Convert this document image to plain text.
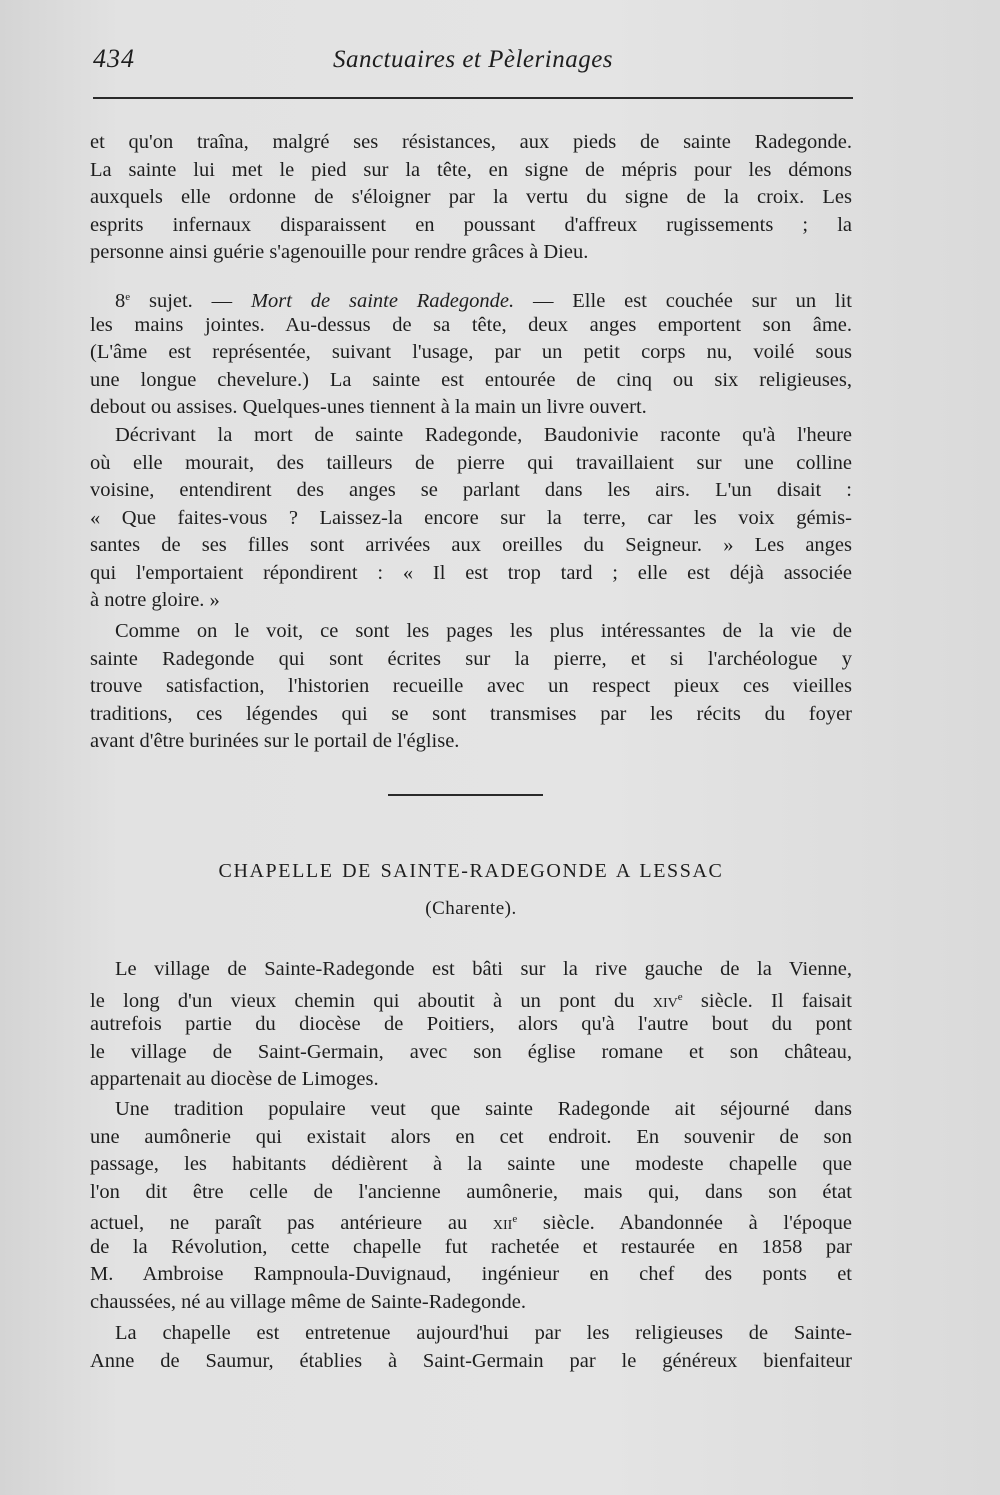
434	Sanctuaires et Pèlerinages
et qu'on traîna, malgré ses résistances, aux pieds de sainte Radegonde.
La sainte lui met le pied sur la tête, en signe de mépris pour les démons
auxquels elle ordonne de s'éloigner par la vertu du signe de la croix. Les
esprits infernaux disparaissent en poussant d'affreux rugissements ; la
personne ainsi guérie s'agenouille pour rendre grâces à Dieu.
8e sujet. — Mort de sainte Radegonde. — Elle est couchée sur un lit
les mains jointes. Au-dessus de sa tête, deux anges emportent son âme.
(L'âme est représentée, suivant l'usage, par un petit corps nu, voilé sous
une longue chevelure.) La sainte est entourée de cinq ou six religieuses,
debout ou assises. Quelques-unes tiennent à la main un livre ouvert.
Décrivant la mort de sainte Radegonde, Baudonivie raconte qu'à l'heure
où elle mourait, des tailleurs de pierre qui travaillaient sur une colline
voisine, entendirent des anges se parlant dans les airs. L'un disait :
« Que faites-vous ? Laissez-la encore sur la terre, car les voix gémis-
santes de ses filles sont arrivées aux oreilles du Seigneur. » Les anges
qui l'emportaient répondirent : « Il est trop tard ; elle est déjà associée
à notre gloire. »
Comme on le voit, ce sont les pages les plus intéressantes de la vie de
sainte Radegonde qui sont écrites sur la pierre, et si l'archéologue y
trouve satisfaction, l'historien recueille avec un respect pieux ces vieilles
traditions, ces légendes qui se sont transmises par les récits du foyer
avant d'être burinées sur le portail de l'église.
CHAPELLE DE SAINTE-RADEGONDE A LESSAC
(Charente).
Le village de Sainte-Radegonde est bâti sur la rive gauche de la Vienne,
le long d'un vieux chemin qui aboutit à un pont du xiv$^e$ siècle. Il faisait
autrefois partie du diocèse de Poitiers, alors qu'à l'autre bout du pont
le village de Saint-Germain, avec son église romane et son château,
appartenait au diocèse de Limoges.
Une tradition populaire veut que sainte Radegonde ait séjourné dans
une aumônerie qui existait alors en cet endroit. En souvenir de son
passage, les habitants dédièrent à la sainte une modeste chapelle que
l'on dit être celle de l'ancienne aumônerie, mais qui, dans son état
actuel, ne paraît pas antérieure au xii$^e$ siècle. Abandonnée à l'époque
de la Révolution, cette chapelle fut rachetée et restaurée en 1858 par
M. Ambroise Rampnoula-Duvignaud, ingénieur en chef des ponts et
chaussées, né au village même de Sainte-Radegonde.
La chapelle est entretenue aujourd'hui par les religieuses de Sainte-
Anne de Saumur, établies à Saint-Germain par le généreux bienfaiteur
